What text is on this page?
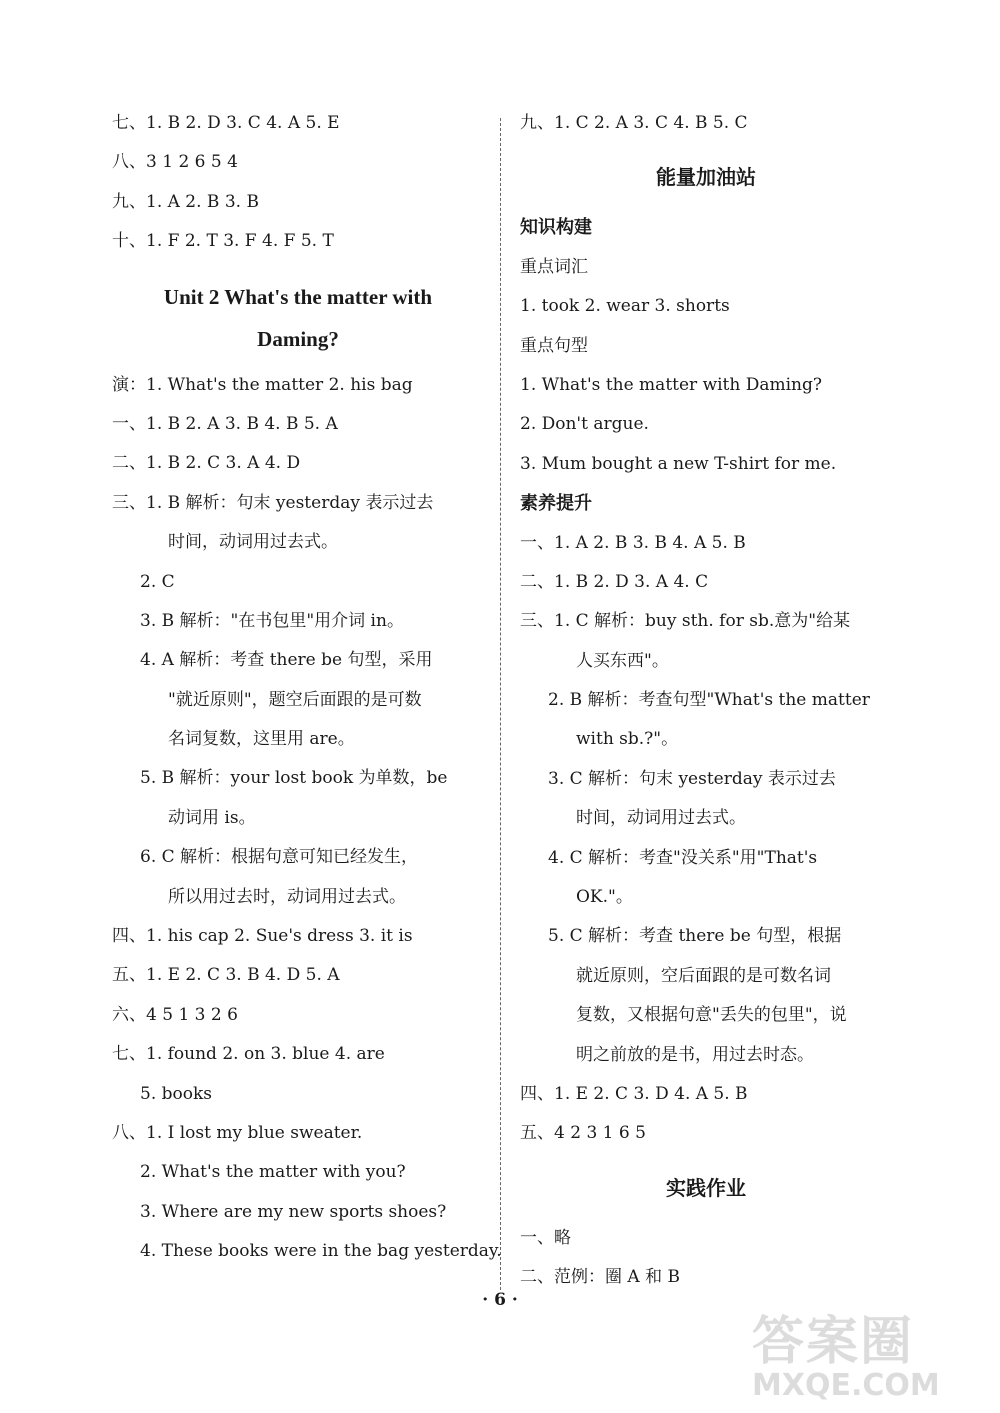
七、1. B 2. D 3. C 4. A 5. E
八、3 1 2 6 5 4
九、1. A 2. B 3. B
十、1. F 2. T 3. F 4. F 5. T
Unit 2 What's the matter with
Daming?
演：1. What's the matter 2. his bag
一、1. B 2. A 3. B 4. B 5. A
二、1. B 2. C 3. A 4. D
三、1. B 解析：句末 yesterday 表示过去
时间，动词用过去式。
2. C
3. B 解析："在书包里"用介词 in。
4. A 解析：考查 there be 句型，采用
"就近原则"，题空后面跟的是可数
名词复数，这里用 are。
5. B 解析：your lost book 为单数，be
动词用 is。
6. C 解析：根据句意可知已经发生，
所以用过去时，动词用过去式。
四、1. his cap 2. Sue's dress 3. it is
五、1. E 2. C 3. B 4. D 5. A
六、4 5 1 3 2 6
七、1. found 2. on 3. blue 4. are
5. books
八、1. I lost my blue sweater.
2. What's the matter with you?
3. Where are my new sports shoes?
4. These books were in the bag yesterday.
九、1. C 2. A 3. C 4. B 5. C
能量加油站
知识构建
重点词汇
1. took 2. wear 3. shorts
重点句型
1. What's the matter with Daming?
2. Don't argue.
3. Mum bought a new T-shirt for me.
素养提升
一、1. A 2. B 3. B 4. A 5. B
二、1. B 2. D 3. A 4. C
三、1. C 解析：buy sth. for sb.意为"给某
人买东西"。
2. B 解析：考查句型"What's the matter
with sb.?"。
3. C 解析：句末 yesterday 表示过去
时间，动词用过去式。
4. C 解析：考查"没关系"用"That's
OK."。
5. C 解析：考查 there be 句型，根据
就近原则，空后面跟的是可数名词
复数，又根据句意"丢失的包里"，说
明之前放的是书，用过去时态。
四、1. E 2. C 3. D 4. A 5. B
五、4 2 3 1 6 5
实践作业
一、略
二、范例：圈 A 和 B
· 6 ·
答案圈
MXQE.COM
